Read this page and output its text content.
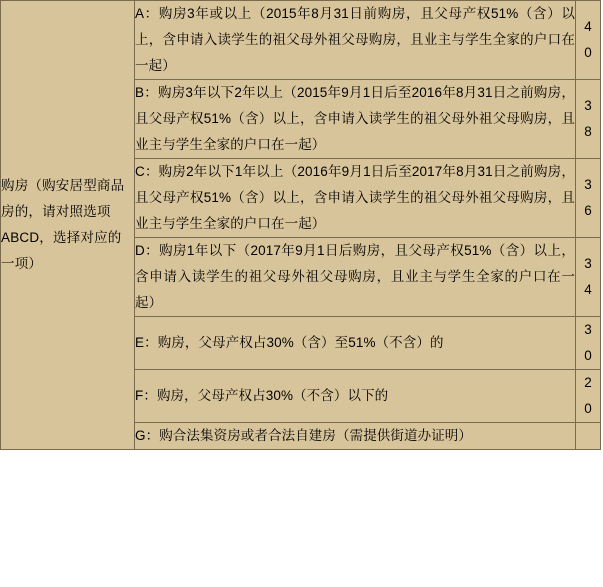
购房（购安居型商品房的，请对照选项ABCD，选择对应的一项）	A：购房3年或以上（2015年8月31日前购房，且父母产权51%（含）以上，含申请入读学生的祖父母外祖父母购房，且业主与学生全家的户口在一起）	4
0

	B：购房3年以下2年以上（2015年9月1日后至2016年8月31日之前购房，且父母产权51%（含）以上，含申请入读学生的祖父母外祖父母购房，且业主与学生全家的户口在一起）	3
8

	C：购房2年以下1年以上（2016年9月1日后至2017年8月31日之前购房，且父母产权51%（含）以上，含申请入读学生的祖父母外祖父母购房，且业主与学生全家的户口在一起）	3
6

	D：购房1年以下（2017年9月1日后购房，且父母产权51%（含）以上，含申请入读学生的祖父母外祖父母购房，且业主与学生全家的户口在一起）	3
4

	E：购房，父母产权占30%（含）至51%（不含）的	3
0

	F：购房，父母产权占30%（不含）以下的	2
0

	G：购合法集资房或者合法自建房（需提供街道办证明）	
